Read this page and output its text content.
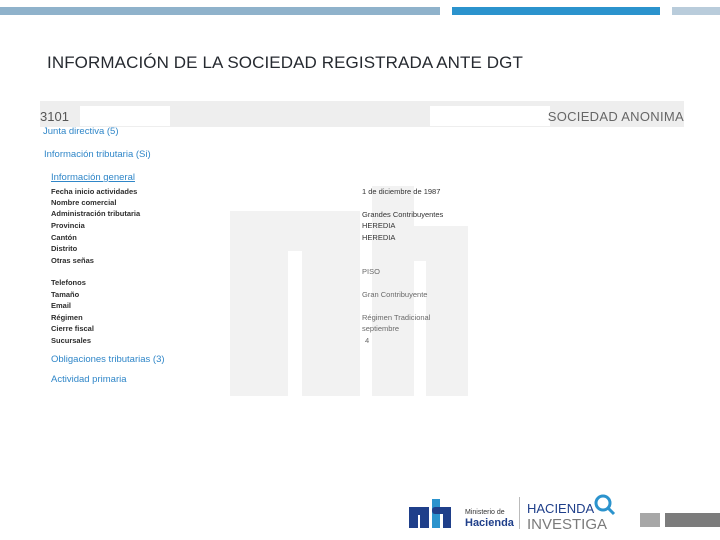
INFORMACIÓN DE LA SOCIEDAD REGISTRADA ANTE DGT
3101	SOCIEDAD ANONIMA
Junta directiva (5)
Información tributaria (Si)
Información general
Fecha inicio actividades
Nombre comercial
Administración tributaria
Provincia
Cantón
Distrito
Otras señas
Telefonos
Tamaño
Email
Régimen
Cierre fiscal
Sucursales
1 de diciembre de 1987
Grandes Contribuyentes
HEREDIA
HEREDIA
PISO
Gran Contribuyente
Régimen Tradicional
septiembre
4
Obligaciones tributarias (3)
Actividad primaria
Ministerio de
Hacienda
HACIENDA
INVESTIGA
